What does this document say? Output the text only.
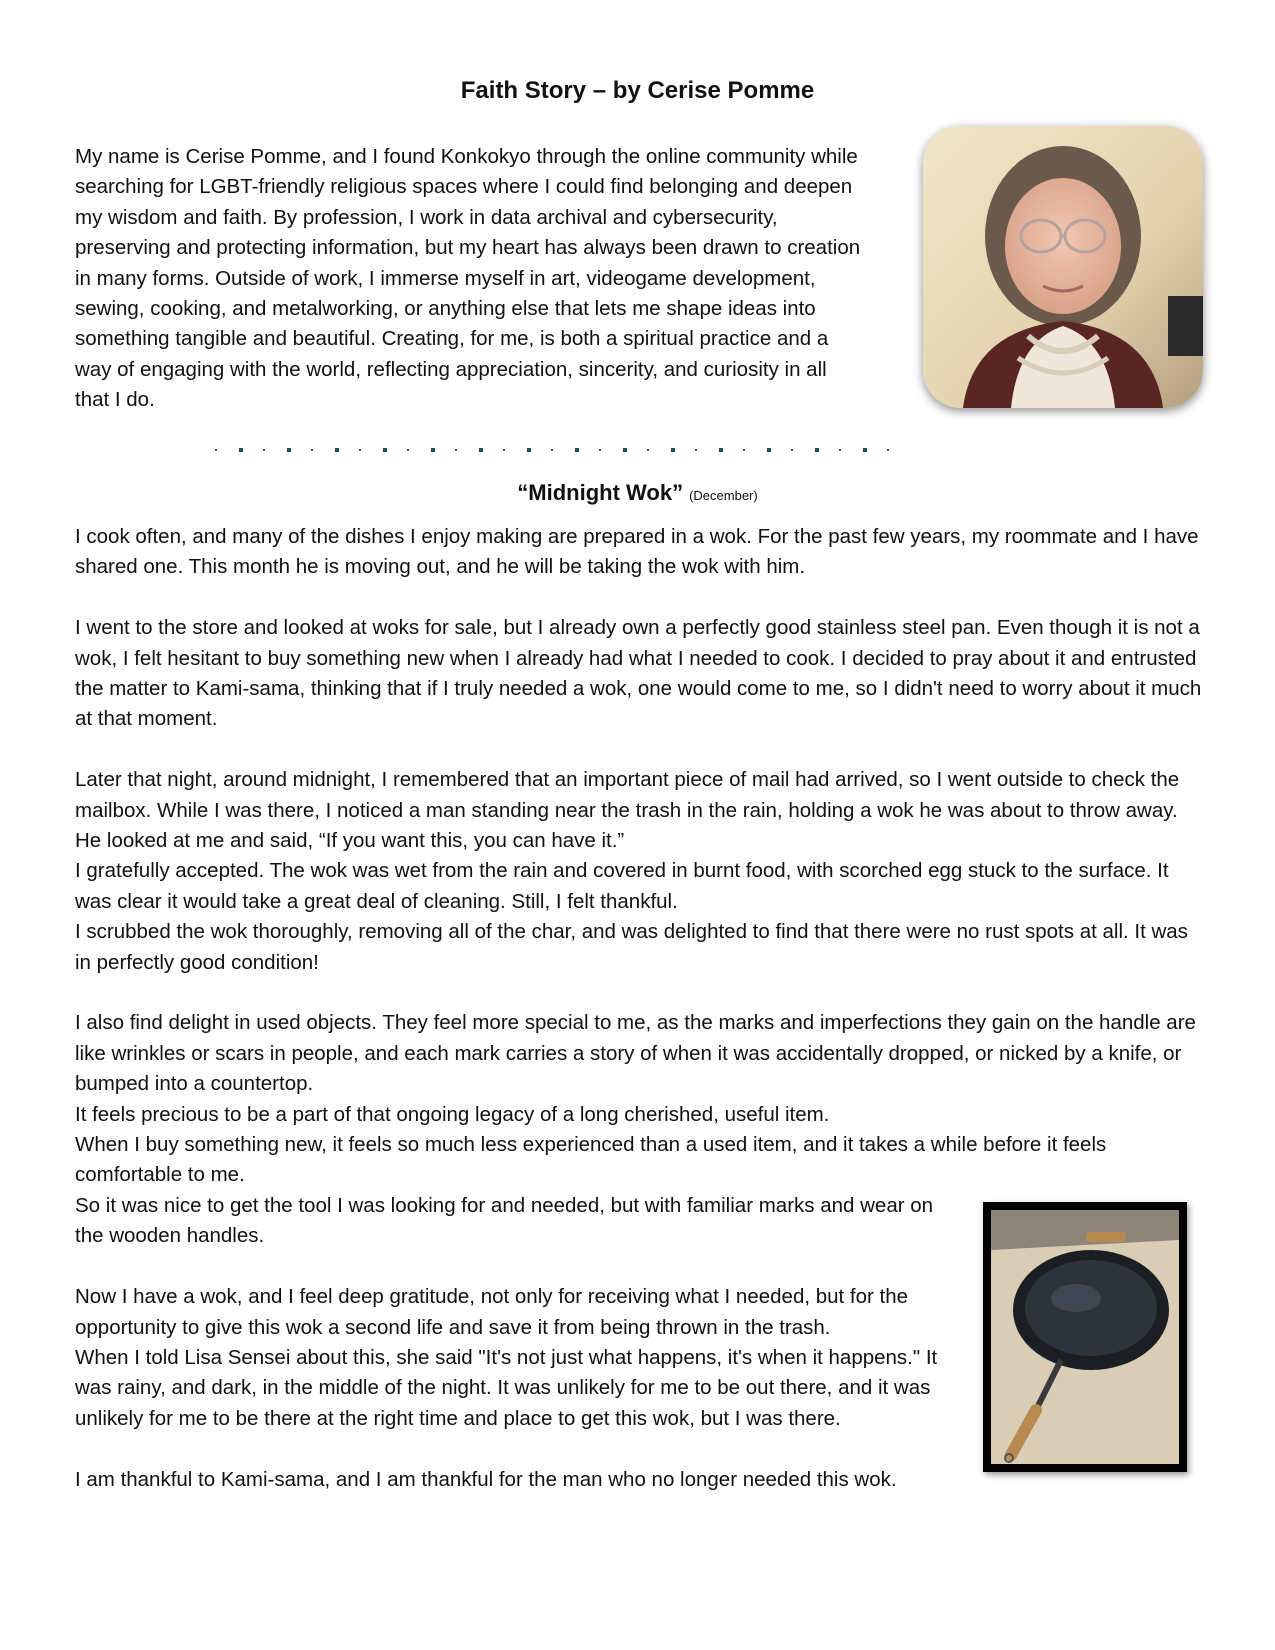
Faith Story – by Cerise Pomme
My name is Cerise Pomme, and I found Konkokyo through the online community while searching for LGBT-friendly religious spaces where I could find belonging and deepen my wisdom and faith. By profession, I work in data archival and cybersecurity, preserving and protecting information, but my heart has always been drawn to creation in many forms. Outside of work, I immerse myself in art, videogame development, sewing, cooking, and metalworking, or anything else that lets me shape ideas into something tangible and beautiful. Creating, for me, is both a spiritual practice and a way of engaging with the world, reflecting appreciation, sincerity, and curiosity in all that I do.
“Midnight Wok” (December)

I cook often, and many of the dishes I enjoy making are prepared in a wok. For the past few years, my roommate and I have shared one. This month he is moving out, and he will be taking the wok with him.

I went to the store and looked at woks for sale, but I already own a perfectly good stainless steel pan. Even though it is not a wok, I felt hesitant to buy something new when I already had what I needed to cook. I decided to pray about it and entrusted the matter to Kami-sama, thinking that if I truly needed a wok, one would come to me, so I didn't need to worry about it much at that moment.

Later that night, around midnight, I remembered that an important piece of mail had arrived, so I went outside to check the mailbox. While I was there, I noticed a man standing near the trash in the rain, holding a wok he was about to throw away. He looked at me and said, “If you want this, you can have it.”

I gratefully accepted. The wok was wet from the rain and covered in burnt food, with scorched egg stuck to the surface. It was clear it would take a great deal of cleaning. Still, I felt thankful.

I scrubbed the wok thoroughly, removing all of the char, and was delighted to find that there were no rust spots at all. It was in perfectly good condition!

I also find delight in used objects. They feel more special to me, as the marks and imperfections they gain on the handle are like wrinkles or scars in people, and each mark carries a story of when it was accidentally dropped, or nicked by a knife, or bumped into a countertop.

It feels precious to be a part of that ongoing legacy of a long cherished, useful item.

When I buy something new, it feels so much less experienced than a used item, and it takes a while before it feels comfortable to me.

So it was nice to get the tool I was looking for and needed, but with familiar marks and wear on the wooden handles.

Now I have a wok, and I feel deep gratitude, not only for receiving what I needed, but for the opportunity to give this wok a second life and save it from being thrown in the trash.

When I told Lisa Sensei about this, she said "It's not just what happens, it's when it happens." It was rainy, and dark, in the middle of the night. It was unlikely for me to be out there, and it was unlikely for me to be there at the right time and place to get this wok, but I was there.

I am thankful to Kami-sama, and I am thankful for the man who no longer needed this wok.
